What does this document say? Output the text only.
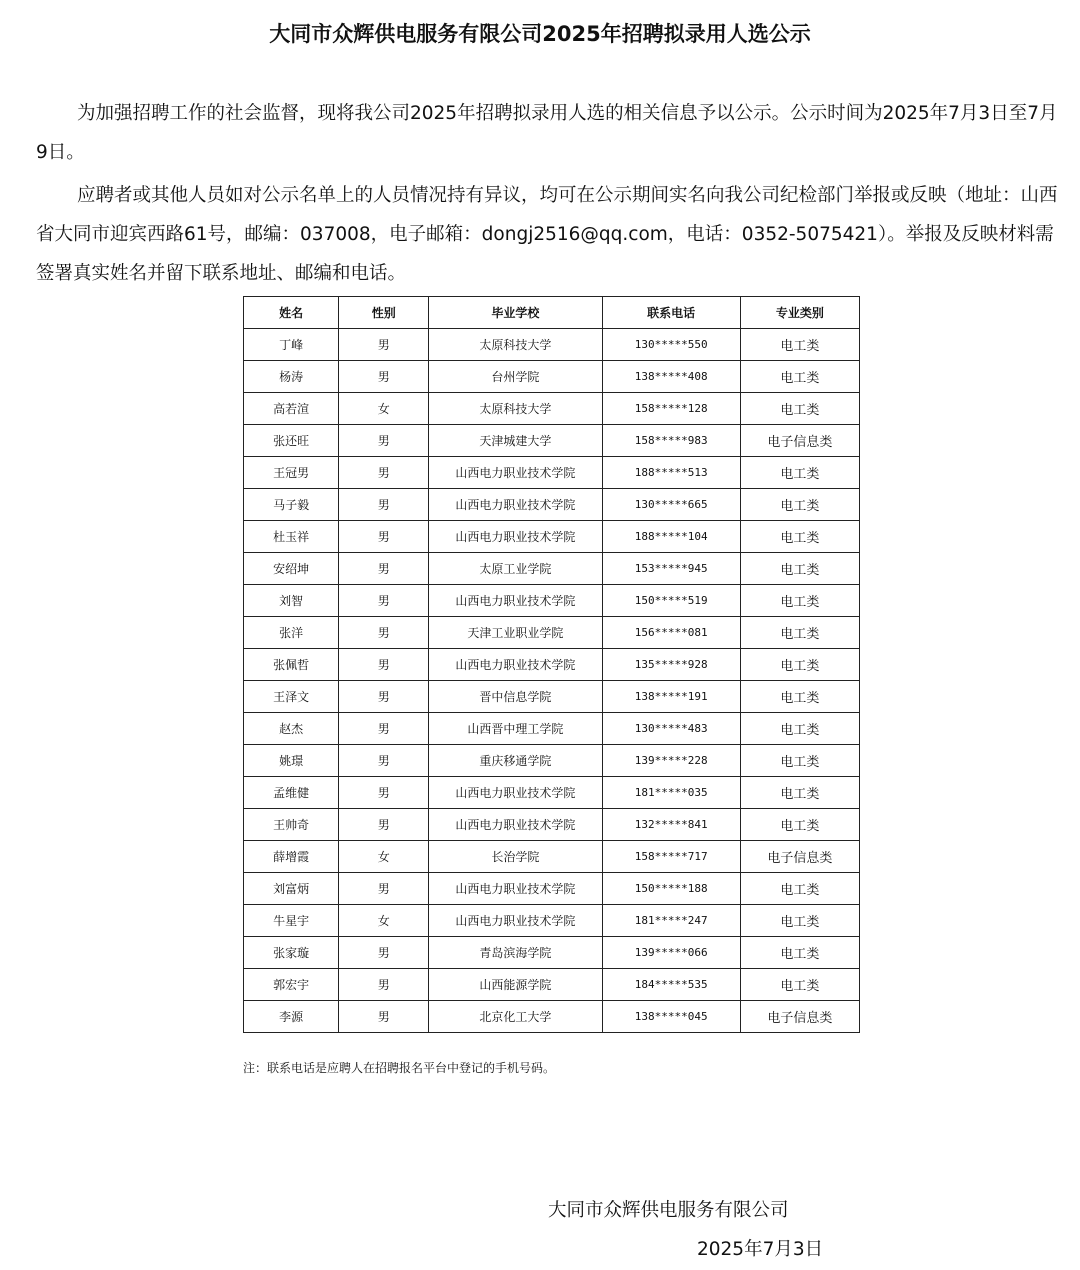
大同市众辉供电服务有限公司2025年招聘拟录用人选公示

为加强招聘工作的社会监督，现将我公司2025年招聘拟录用人选的相关信息予以公示。公示时间为2025年7月3日至7月9日。

应聘者或其他人员如对公示名单上的人员情况持有异议，均可在公示期间实名向我公司纪检部门举报或反映（地址：山西省大同市迎宾西路61号，邮编：037008，电子邮箱：dongj2516@qq.com，电话：0352-5075421）。举报及反映材料需签署真实姓名并留下联系地址、邮编和电话。

姓名	性别	毕业学校	联系电话	专业类别
丁峰	男	太原科技大学	130*****550	电工类
杨涛	男	台州学院	138*****408	电工类
高若渲	女	太原科技大学	158*****128	电工类
张还旺	男	天津城建大学	158*****983	电子信息类
王冠男	男	山西电力职业技术学院	188*****513	电工类
马子毅	男	山西电力职业技术学院	130*****665	电工类
杜玉祥	男	山西电力职业技术学院	188*****104	电工类
安绍坤	男	太原工业学院	153*****945	电工类
刘智	男	山西电力职业技术学院	150*****519	电工类
张洋	男	天津工业职业学院	156*****081	电工类
张佩哲	男	山西电力职业技术学院	135*****928	电工类
王泽文	男	晋中信息学院	138*****191	电工类
赵杰	男	山西晋中理工学院	130*****483	电工类
姚璟	男	重庆移通学院	139*****228	电工类
孟维健	男	山西电力职业技术学院	181*****035	电工类
王帅奇	男	山西电力职业技术学院	132*****841	电工类
薛增霞	女	长治学院	158*****717	电子信息类
刘富炳	男	山西电力职业技术学院	150*****188	电工类
牛星宇	女	山西电力职业技术学院	181*****247	电工类
张家璇	男	青岛滨海学院	139*****066	电工类
郭宏宇	男	山西能源学院	184*****535	电工类
李源	男	北京化工大学	138*****045	电子信息类
注：联系电话是应聘人在招聘报名平台中登记的手机号码。
大同市众辉供电服务有限公司
2025年7月3日
